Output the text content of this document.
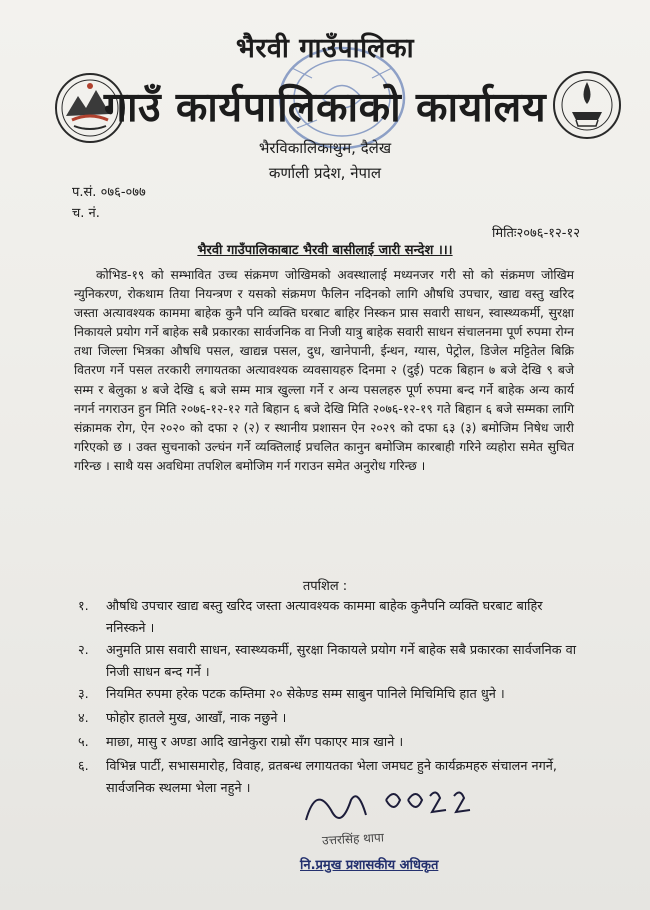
भैरवी गाउँपालिका
गाउँ कार्यपालिकाको कार्यालय
भैरविकालिकाथुम, दैलेख
कर्णाली प्रदेश, नेपाल
प.सं. ०७६-०७७
च. नं.
मितिः२०७६-१२-१२
भैरवी गाउँपालिकाबाट भैरवी बासीलाई जारी सन्देश ।।।

कोभिड-१९ को सम्भावित उच्च संक्रमण जोखिमको अवस्थालाई मध्यनजर गरी सो को संक्रमण जोखिम न्युनिकरण, रोकथाम तिया नियन्त्रण र यसको संक्रमण फैलिन नदिनको लागि औषधि उपचार, खाद्य वस्तु खरिद जस्ता अत्यावश्यक काममा बाहेक कुनै पनि व्यक्ति घरबाट बाहिर निस्कन प्रास सवारी साधन, स्वास्थ्यकर्मी, सुरक्षा निकायले प्रयोग गर्ने बाहेक सबै प्रकारका सार्वजनिक वा निजी यात्रु बाहेक सवारी साधन संचालनमा पूर्ण रुपमा रोग्न तथा जिल्ला भित्रका औषधि पसल, खाद्यन्न पसल, दुध, खानेपानी, ईन्धन, ग्यास, पेट्रोल, डिजेल मट्टितेल बिक्रि वितरण गर्ने पसल तरकारी लगायतका अत्यावश्यक व्यवसायहरु दिनमा २ (दुई) पटक बिहान ७ बजे देखि ९ बजे सम्म र बेलुका ४ बजे देखि ६ बजे सम्म मात्र खुल्ला गर्ने र अन्य पसलहरु पूर्ण रुपमा बन्द गर्ने बाहेक अन्य कार्य नगर्न नगराउन हुन मिति २०७६-१२-१२ गते बिहान ६ बजे देखि मिति २०७६-१२-१९ गते बिहान ६ बजे सम्मका लागि संक्रामक रोग, ऐन २०२० को दफा २ (२) र स्थानीय प्रशासन ऐन २०२९ को दफा ६३ (३) बमोजिम निषेध जारी गरिएको छ । उक्त सुचनाको उल्घंन गर्ने व्यक्तिलाई प्रचलित कानुन बमोजिम कारबाही गरिने व्यहोरा समेत सुचित गरिन्छ । साथै यस अवधिमा तपशिल बमोजिम गर्न गराउन समेत अनुरोध गरिन्छ ।

तपशिल :
१.	औषधि उपचार खाद्य बस्तु खरिद जस्ता अत्यावश्यक काममा बाहेक कुनैपनि व्यक्ति घरबाट बाहिर ननिस्कने ।
२.	अनुमति प्रास सवारी साधन, स्वास्थ्यकर्मी, सुरक्षा निकायले प्रयोग गर्ने बाहेक सबै प्रकारका सार्वजनिक वा निजी साधन बन्द गर्ने ।
३.	नियमित रुपमा हरेक पटक कम्तिमा २० सेकेण्ड सम्म साबुन पानिले मिचिमिचि हात धुने ।
४.	फोहोर हातले मुख, आखाँ, नाक नछुने ।
५.	माछा, मासु र अण्डा आदि खानेकुरा राम्रो सँग पकाएर मात्र खाने ।
६.	विभिन्न पार्टी, सभासमारोह, विवाह, व्रतबन्ध लगायतका भेला जमघट हुने कार्यक्रमहरु संचालन नगर्ने, सार्वजनिक स्थलमा भेला नहुने ।
उत्तरसिंह थापा
नि.प्रमुख प्रशासकीय अधिकृत
